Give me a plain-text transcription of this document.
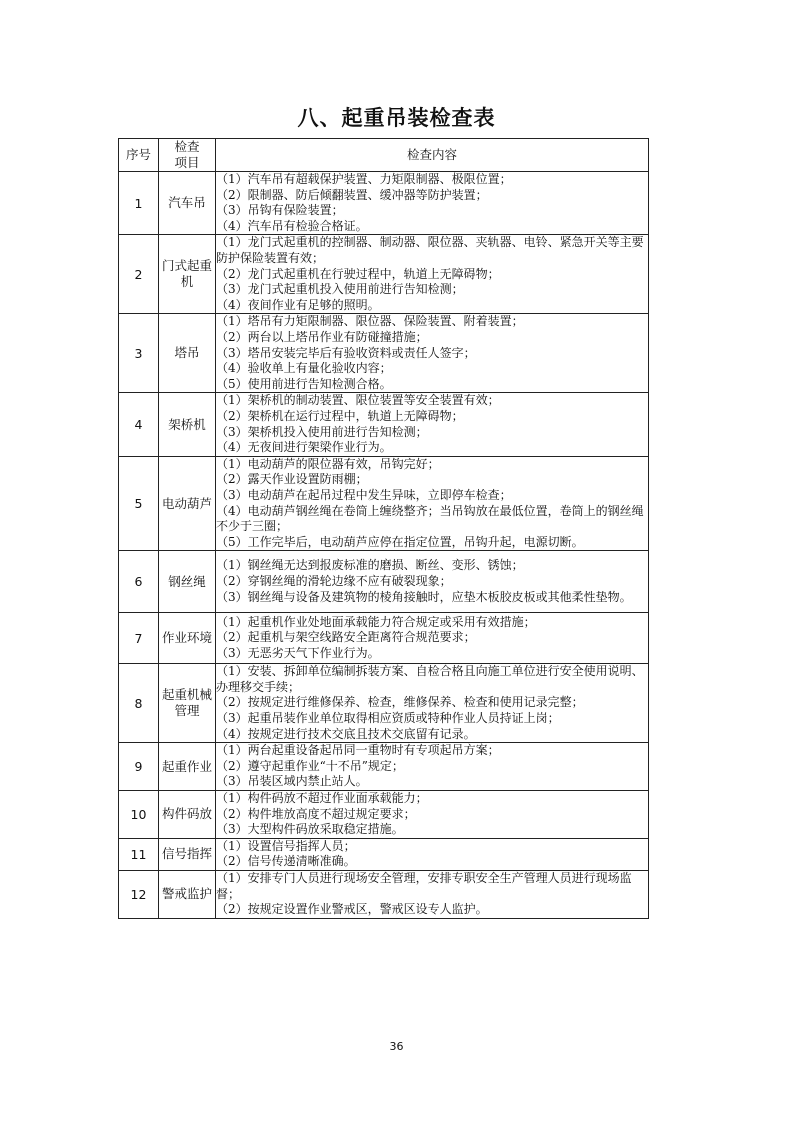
八、起重吊装检查表
序号	检查项目	检查内容
1	汽车吊	（1）汽车吊有超载保护装置、力矩限制器、极限位置；
（2）限制器、防后倾翻装置、缓冲器等防护装置；
（3）吊钩有保险装置；
（4）汽车吊有检验合格证。

2	门式起重机	（1）龙门式起重机的控制器、制动器、限位器、夹轨器、电铃、紧急开关等主要防护保险装置有效；
（2）龙门式起重机在行驶过程中，轨道上无障碍物；
（3）龙门式起重机投入使用前进行告知检测；
（4）夜间作业有足够的照明。

3	塔吊	（1）塔吊有力矩限制器、限位器、保险装置、附着装置；
（2）两台以上塔吊作业有防碰撞措施；
（3）塔吊安装完毕后有验收资料或责任人签字；
（4）验收单上有量化验收内容；
（5）使用前进行告知检测合格。

4	架桥机	（1）架桥机的制动装置、限位装置等安全装置有效；
（2）架桥机在运行过程中，轨道上无障碍物；
（3）架桥机投入使用前进行告知检测；
（4）无夜间进行架梁作业行为。

5	电动葫芦	（1）电动葫芦的限位器有效，吊钩完好；
（2）露天作业设置防雨棚；
（3）电动葫芦在起吊过程中发生异味，立即停车检查；
（4）电动葫芦钢丝绳在卷筒上缠绕整齐；当吊钩放在最低位置，卷筒上的钢丝绳不少于三圈；
（5）工作完毕后，电动葫芦应停在指定位置，吊钩升起，电源切断。

6	钢丝绳	（1）钢丝绳无达到报废标准的磨损、断丝、变形、锈蚀；
（2）穿钢丝绳的滑轮边缘不应有破裂现象；
（3）钢丝绳与设备及建筑物的棱角接触时，应垫木板胶皮板或其他柔性垫物。

7	作业环境	（1）起重机作业处地面承载能力符合规定或采用有效措施；
（2）起重机与架空线路安全距离符合规范要求；
（3）无恶劣天气下作业行为。

8	起重机械管理	（1）安装、拆卸单位编制拆装方案、自检合格且向施工单位进行安全使用说明、办理移交手续；
（2）按规定进行维修保养、检查，维修保养、检查和使用记录完整；
（3）起重吊装作业单位取得相应资质或特种作业人员持证上岗；
（4）按规定进行技术交底且技术交底留有记录。

9	起重作业	（1）两台起重设备起吊同一重物时有专项起吊方案；
（2）遵守起重作业“十不吊”规定；
（3）吊装区域内禁止站人。

10	构件码放	（1）构件码放不超过作业面承载能力；
（2）构件堆放高度不超过规定要求；
（3）大型构件码放采取稳定措施。

11	信号指挥	（1）设置信号指挥人员；
（2）信号传递清晰准确。

12	警戒监护	（1）安排专门人员进行现场安全管理，安排专职安全生产管理人员进行现场监督；
（2）按规定设置作业警戒区，警戒区设专人监护。
36
